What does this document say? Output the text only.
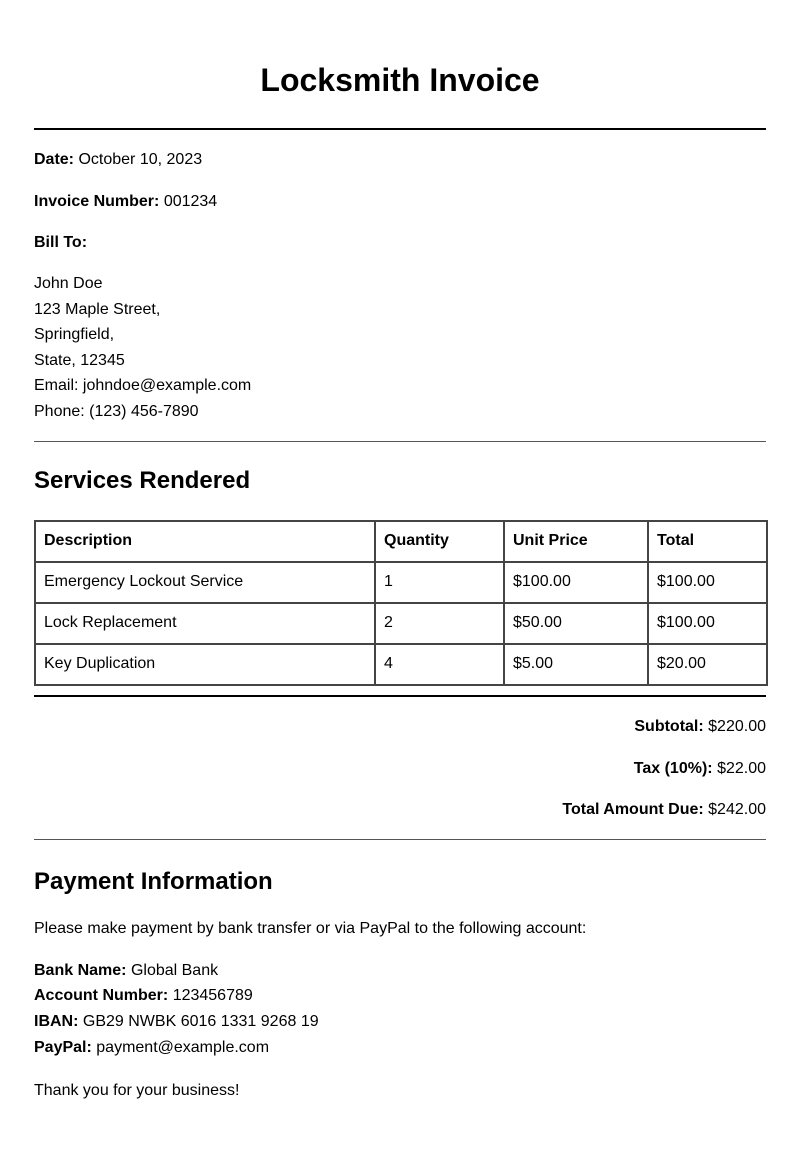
Locksmith Invoice

Date: October 10, 2023

Invoice Number: 001234

Bill To:

John Doe
123 Maple Street,
Springfield,
State, 12345
Email: johndoe@example.com
Phone: (123) 456-7890
Services Rendered
Description	Quantity	Unit Price	Total
Emergency Lockout Service	1	$100.00	$100.00
Lock Replacement	2	$50.00	$100.00
Key Duplication	4	$5.00	$20.00

Subtotal: $220.00

Tax (10%): $22.00

Total Amount Due: $242.00

Payment Information

Please make payment by bank transfer or via PayPal to the following account:

Bank Name: Global Bank
Account Number: 123456789
IBAN: GB29 NWBK 6016 1331 9268 19
PayPal: payment@example.com

Thank you for your business!
